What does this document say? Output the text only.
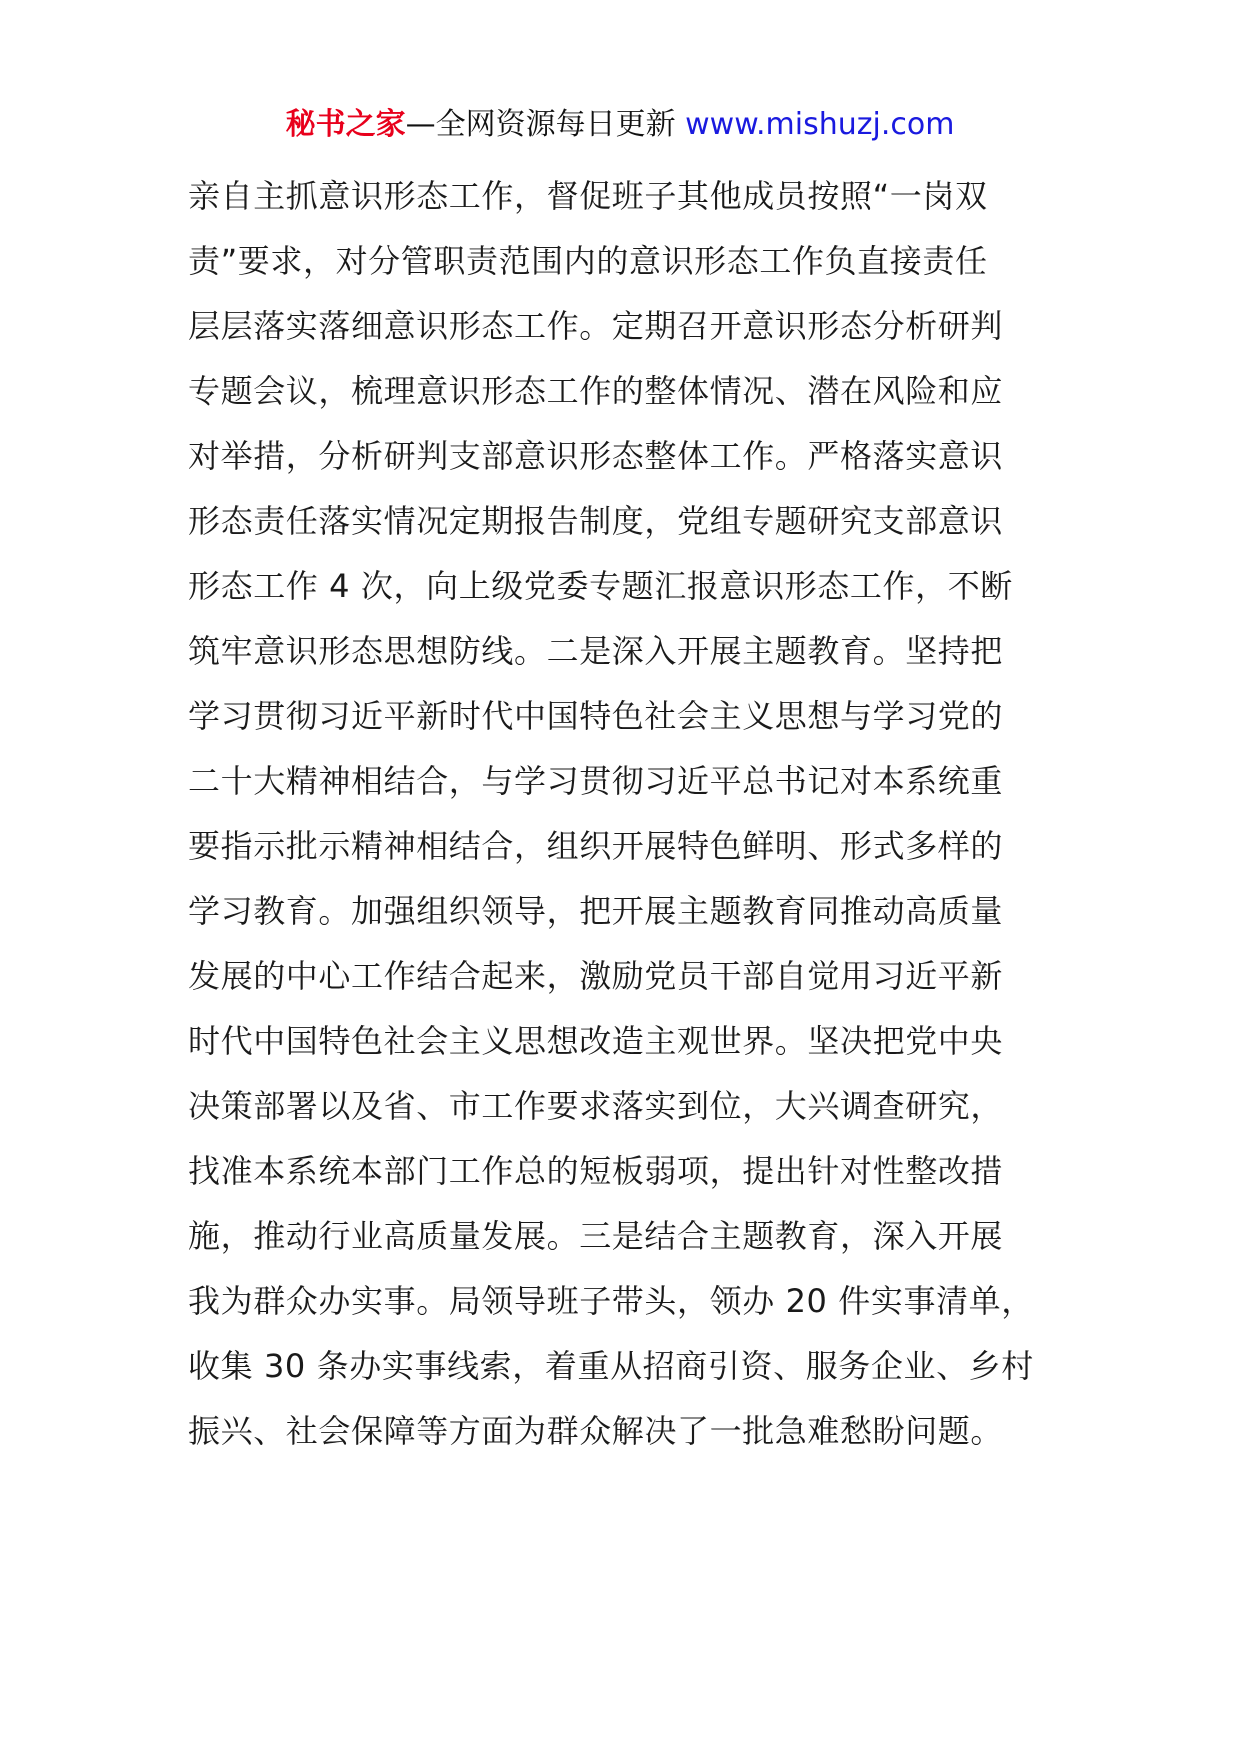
秘书之家—全网资源每日更新 www.mishuzj.com
亲自主抓意识形态工作，督促班子其他成员按照“一岗双
责”要求，对分管职责范围内的意识形态工作负直接责任
层层落实落细意识形态工作。定期召开意识形态分析研判
专题会议，梳理意识形态工作的整体情况、潜在风险和应
对举措，分析研判支部意识形态整体工作。严格落实意识
形态责任落实情况定期报告制度，党组专题研究支部意识
形态工作 4 次，向上级党委专题汇报意识形态工作，不断
筑牢意识形态思想防线。二是深入开展主题教育。坚持把
学习贯彻习近平新时代中国特色社会主义思想与学习党的
二十大精神相结合，与学习贯彻习近平总书记对本系统重
要指示批示精神相结合，组织开展特色鲜明、形式多样的
学习教育。加强组织领导，把开展主题教育同推动高质量
发展的中心工作结合起来，激励党员干部自觉用习近平新
时代中国特色社会主义思想改造主观世界。坚决把党中央
决策部署以及省、市工作要求落实到位，大兴调查研究，
找准本系统本部门工作总的短板弱项，提出针对性整改措
施，推动行业高质量发展。三是结合主题教育，深入开展
我为群众办实事。局领导班子带头，领办 20 件实事清单，
收集 30 条办实事线索，着重从招商引资、服务企业、乡村
振兴、社会保障等方面为群众解决了一批急难愁盼问题。
